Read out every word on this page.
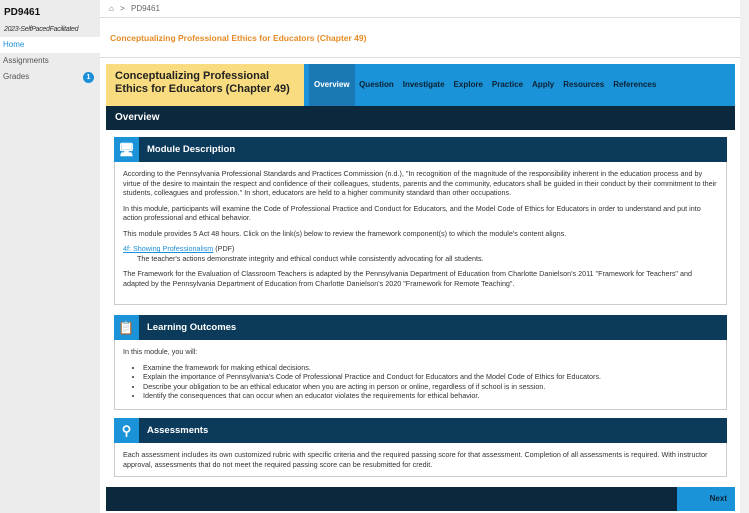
PD9461
2023-SelfPacedFacilitated
Home
Assignments
Grades	1
⌂ > PD9461
Conceptualizing Professional Ethics for Educators (Chapter 49)
Conceptualizing Professional Ethics for Educators (Chapter 49)	Overview	Question	Investigate	Explore	Practice	Apply	Resources	References
Overview
🖥	Module Description

According to the Pennsylvania Professional Standards and Practices Commission (n.d.), "In recognition of the magnitude of the responsibility inherent in the education process and by virtue of the desire to maintain the respect and confidence of their colleagues, students, parents and the community, educators shall be guided in their conduct by their commitment to their students, colleagues and profession." In short, educators are held to a higher community standard than other occupations.

In this module, participants will examine the Code of Professional Practice and Conduct for Educators, and the Model Code of Ethics for Educators in order to understand and put into action professional and ethical behavior.

This module provides 5 Act 48 hours. Click on the link(s) below to review the framework component(s) to which the module's content aligns.

4f: Showing Professionalism (PDF)

The teacher's actions demonstrate integrity and ethical conduct while consistently advocating for all students.

The Framework for the Evaluation of Classroom Teachers is adapted by the Pennsylvania Department of Education from Charlotte Danielson's 2011 "Framework for Teachers" and adapted by the Pennsylvania Department of Education from Charlotte Danielson's 2020 "Framework for Remote Teaching".

📋	Learning Outcomes
In this module, you will:
• Examine the framework for making ethical decisions.
• Explain the importance of Pennsylvania's Code of Professional Practice and Conduct for Educators and the Model Code of Ethics for Educators.
• Describe your obligation to be an ethical educator when you are acting in person or online, regardless of if school is in session.
• Identify the consequences that can occur when an educator violates the requirements for ethical behavior.
⚲	Assessments
Each assessment includes its own customized rubric with specific criteria and the required passing score for that assessment. Completion of all assessments is required. With instructor approval, assessments that do not meet the required passing score can be resubmitted for credit.
Next
